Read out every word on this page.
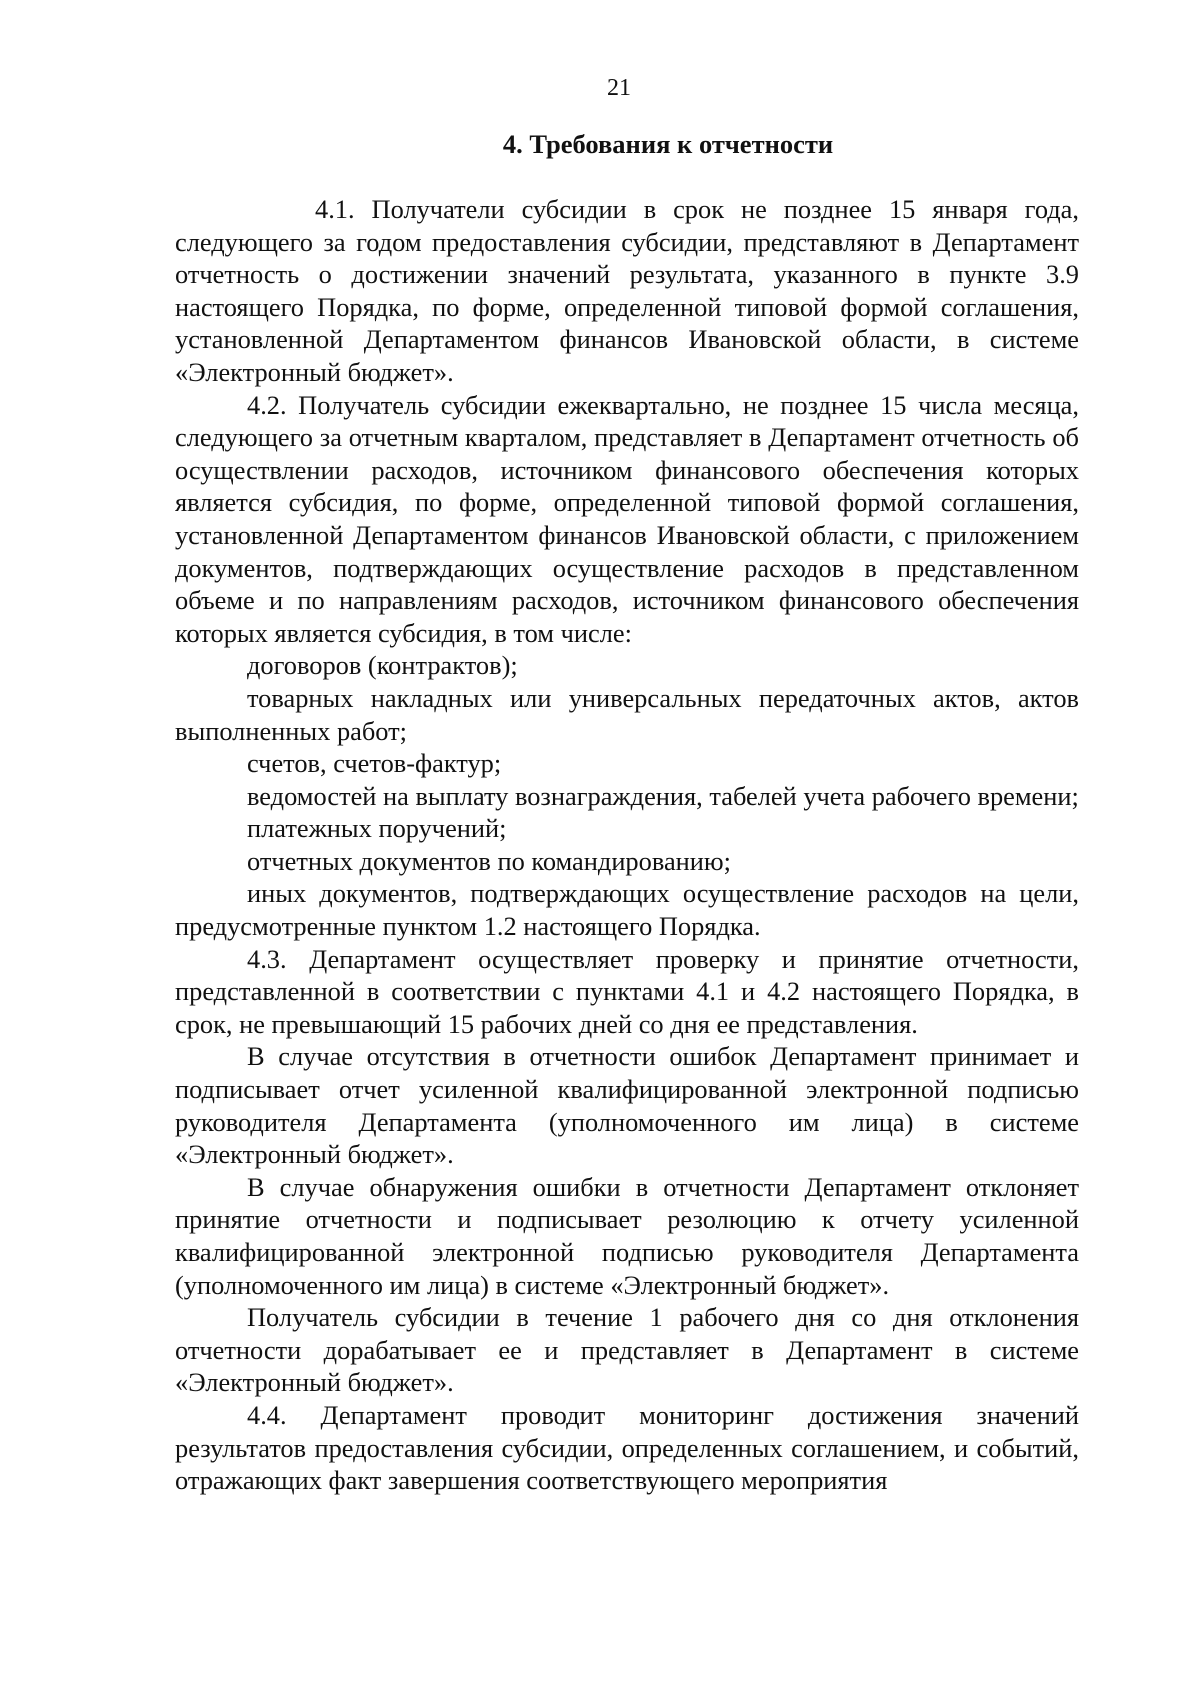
21
4. Требования к отчетности

4.1. Получатели субсидии в срок не позднее 15 января года, следующего за годом предоставления субсидии, представляют в Департамент отчетность о достижении значений результата, указанного в пункте 3.9 настоящего Порядка, по форме, определенной типовой формой соглашения, установленной Департаментом финансов Ивановской области, в системе «Электронный бюджет».

4.2. Получатель субсидии ежеквартально, не позднее 15 числа месяца, следующего за отчетным кварталом, представляет в Департамент отчетность об осуществлении расходов, источником финансового обеспечения которых является субсидия, по форме, определенной типовой формой соглашения, установленной Департаментом финансов Ивановской области, с приложением документов, подтверждающих осуществление расходов в представленном объеме и по направлениям расходов, источником финансового обеспечения которых является субсидия, в том числе:

договоров (контрактов);

товарных накладных или универсальных передаточных актов, актов выполненных работ;

счетов, счетов-фактур;

ведомостей на выплату вознаграждения, табелей учета рабочего времени;

платежных поручений;

отчетных документов по командированию;

иных документов, подтверждающих осуществление расходов на цели, предусмотренные пунктом 1.2 настоящего Порядка.

4.3. Департамент осуществляет проверку и принятие отчетности, представленной в соответствии с пунктами 4.1 и 4.2 настоящего Порядка, в срок, не превышающий 15 рабочих дней со дня ее представления.

В случае отсутствия в отчетности ошибок Департамент принимает и подписывает отчет усиленной квалифицированной электронной подписью руководителя Департамента (уполномоченного им лица) в системе «Электронный бюджет».

В случае обнаружения ошибки в отчетности Департамент отклоняет принятие отчетности и подписывает резолюцию к отчету усиленной квалифицированной электронной подписью руководителя Департамента (уполномоченного им лица) в системе «Электронный бюджет».

Получатель субсидии в течение 1 рабочего дня со дня отклонения отчетности дорабатывает ее и представляет в Департамент в системе «Электронный бюджет».

4.4. Департамент проводит мониторинг достижения значений результатов предоставления субсидии, определенных соглашением, и событий, отражающих факт завершения соответствующего мероприятия
